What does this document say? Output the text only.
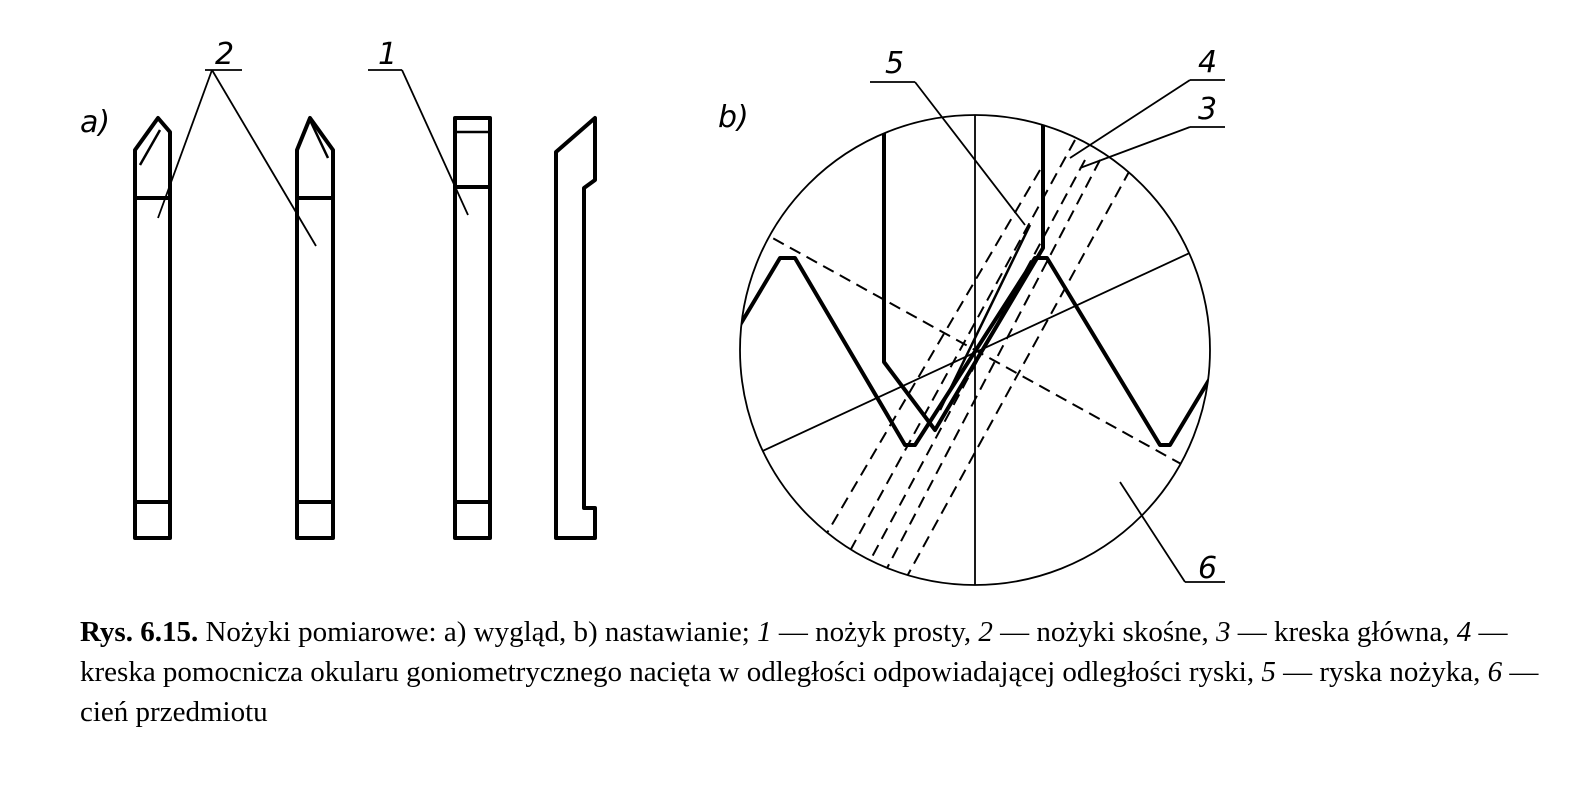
a)
2	1
b)
5	4
3
6
Rys. 6.15. Nożyki pomiarowe: a) wygląd, b) nastawianie; 1 — nożyk prosty, 2 — nożyki skośne, 3 — kreska główna, 4 — kreska pomocnicza okularu goniometrycznego nacięta w odległości odpowiadającej odległości ryski, 5 — ryska nożyka, 6 — cień przedmiotu
